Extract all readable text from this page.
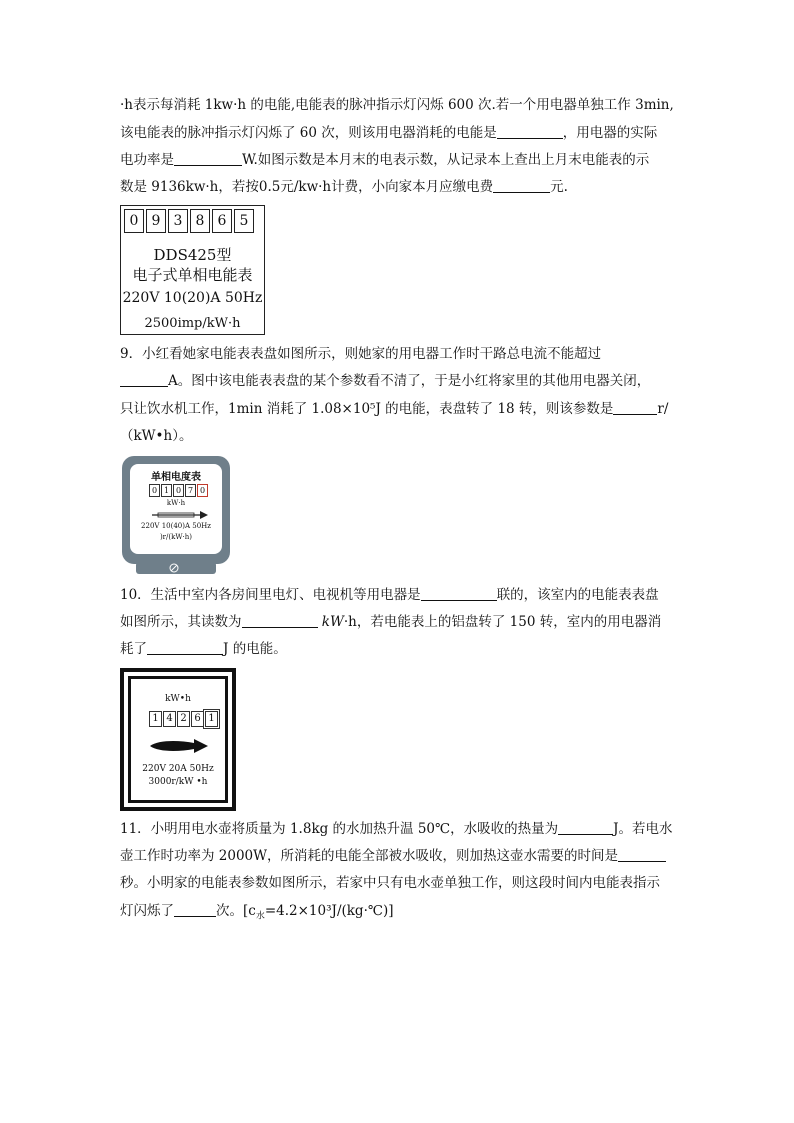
·h表示每消耗 1kw·h 的电能,电能表的脉冲指示灯闪烁 600 次.若一个用电器单独工作 3min,
该电能表的脉冲指示灯闪烁了 60 次，则该用电器消耗的电能是	，用电器的实际
电功率是	W.如图示数是本月末的电表示数，从记录本上查出上月末电能表的示
数是 9136kw·h，若按0.5元/kw·h计费，小向家本月应缴电费	元.
0 9 3 8 6 5
DDS425型
电子式单相电能表
220V 10(20)A 50Hz
2500imp/kW·h
9．小红看她家电能表表盘如图所示，则她家的用电器工作时干路总电流不能超过
A。图中该电能表表盘的某个参数看不清了，于是小红将家里的其他用电器关闭，
只让饮水机工作，1min 消耗了 1.08×10⁵J 的电能，表盘转了 18 转，则该参数是	r/
（kW•h）。
单相电度表
0 1 0 7 0
kW·h
220V 10(40)A 50Hz
)r/(kW·h)
10．生活中室内各房间里电灯、电视机等用电器是	联的，该室内的电能表表盘
如图所示，其读数为	kW·h，若电能表上的铝盘转了 150 转，室内的用电器消
耗了	J 的电能。
kW•h
1 4 2 6 1
220V 20A 50Hz
3000r/kW •h
11．小明用电水壶将质量为 1.8kg 的水加热升温 50℃，水吸收的热量为	J。若电水
壶工作时功率为 2000W，所消耗的电能全部被水吸收，则加热这壶水需要的时间是
秒。小明家的电能表参数如图所示，若家中只有电水壶单独工作，则这段时间内电能表指示
灯闪烁了	次。$[c_水=4.2\times 10^3J/(kg\cdot℃)]$
